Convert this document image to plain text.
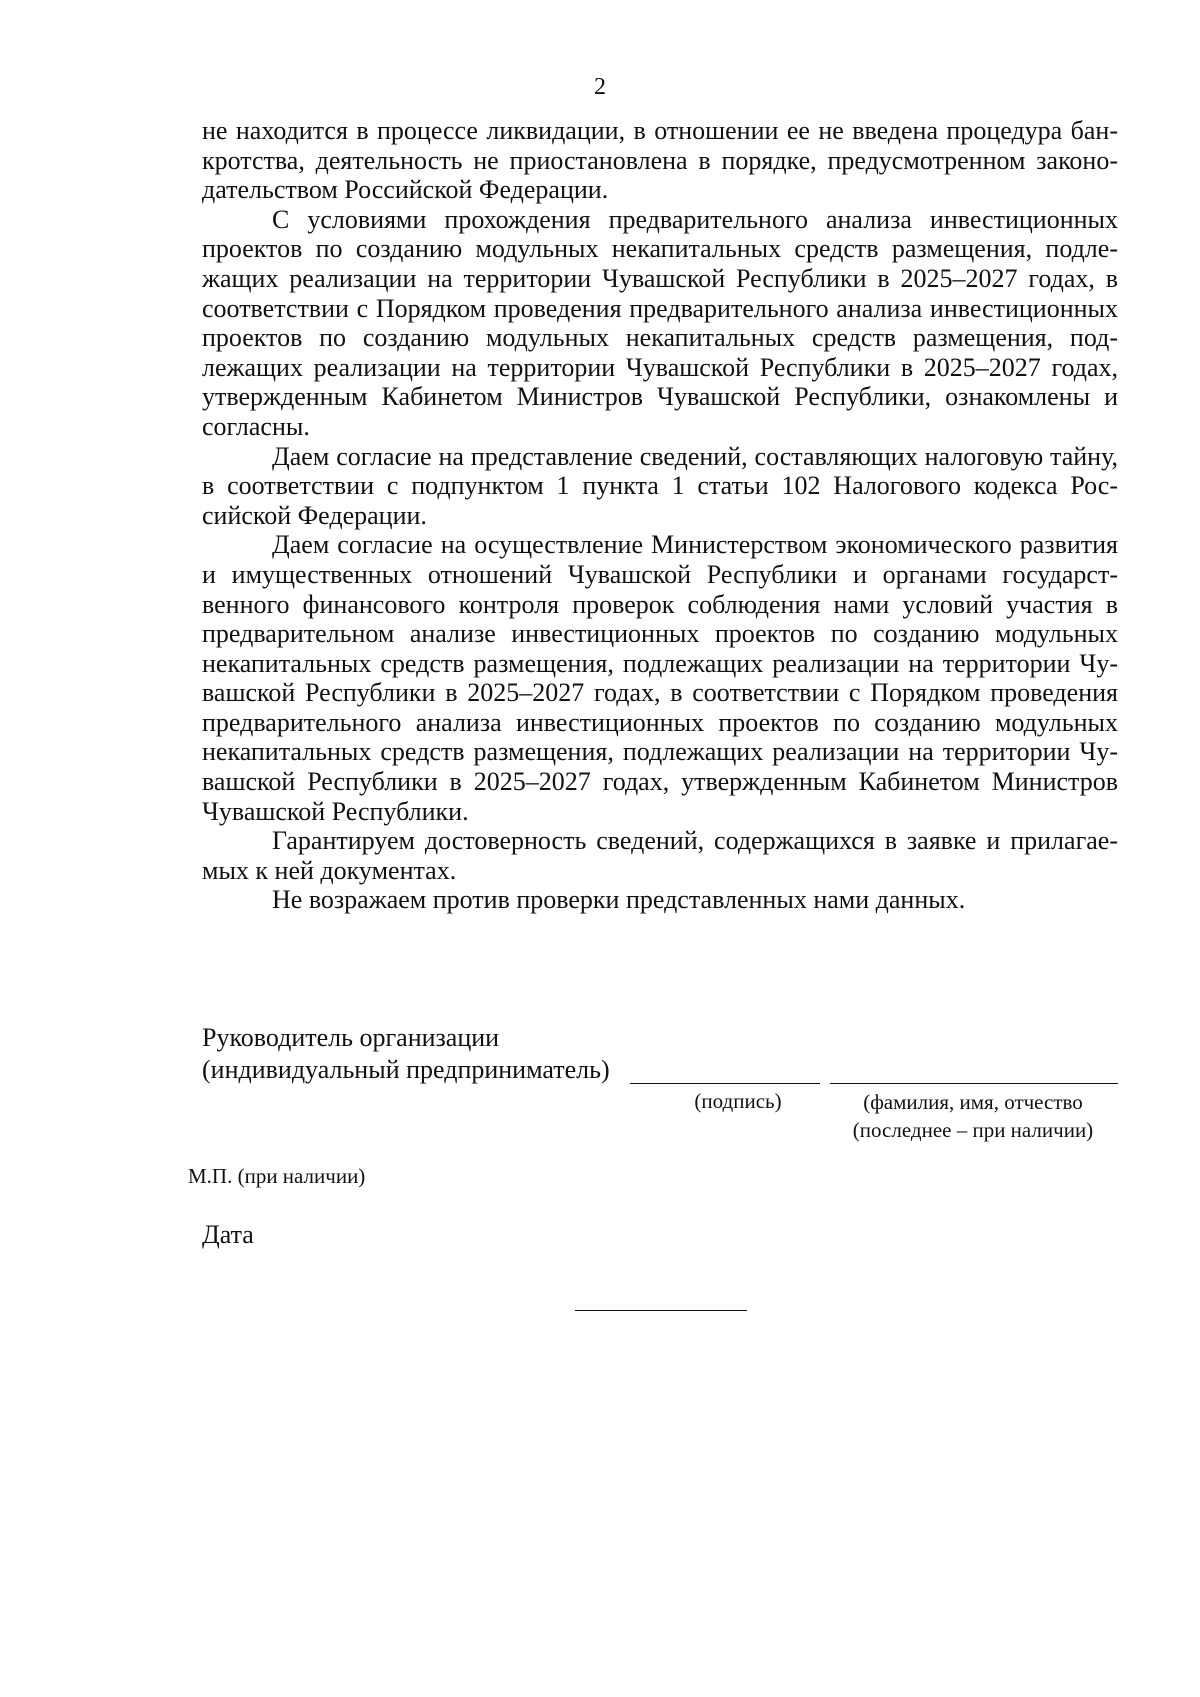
2

не находится в процессе ликвидации, в отношении ее не введена процедура банкротства, деятельность не приостановлена в порядке, предусмотренном законодательством Российской Федерации.

С условиями прохождения предварительного анализа инвестиционных проектов по созданию модульных некапитальных средств размещения, подлежащих реализации на территории Чувашской Республики в 2025–2027 годах, в соответствии с Порядком проведения предварительного анализа инвестиционных проектов по созданию модульных некапитальных средств размещения, подлежащих реализации на территории Чувашской Республики в 2025–2027 годах, утвержденным Кабинетом Министров Чувашской Республики, ознакомлены и согласны.

Даем согласие на представление сведений, составляющих налоговую тайну, в соответствии с подпунктом 1 пункта 1 статьи 102 Налогового кодекса Российской Федерации.

Даем согласие на осуществление Министерством экономического развития и имущественных отношений Чувашской Республики и органами государственного финансового контроля проверок соблюдения нами условий участия в предварительном анализе инвестиционных проектов по созданию модульных некапитальных средств размещения, подлежащих реализации на территории Чувашской Республики в 2025–2027 годах, в соответствии с Порядком проведения предварительного анализа инвестиционных проектов по созданию модульных некапитальных средств размещения, подлежащих реализации на территории Чувашской Республики в 2025–2027 годах, утвержденным Кабинетом Министров Чувашской Республики.

Гарантируем достоверность сведений, содержащихся в заявке и прилагаемых к ней документах.

Не возражаем против проверки представленных нами данных.

Руководитель организации
(индивидуальный предприниматель)
(подпись)	(фамилия, имя, отчество
(последнее – при наличии)
М.П. (при наличии)
Дата
